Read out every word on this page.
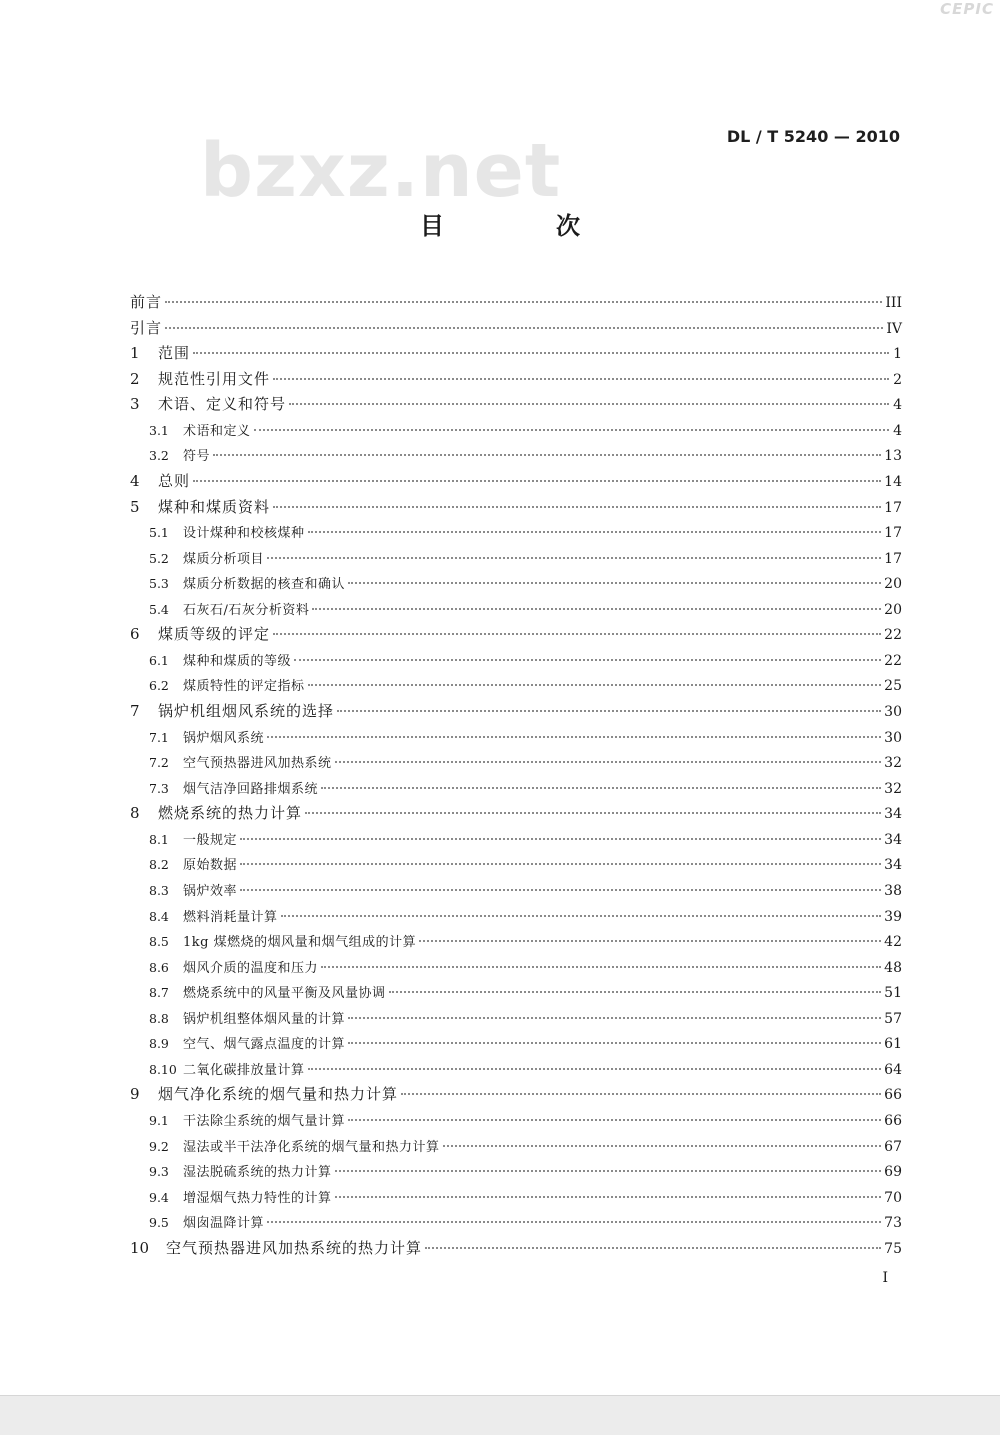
CEPIC
bzxz.net	DL / T 5240 — 2010
目　次
前言	III
引言	IV
1	范围	1
2	规范性引用文件	2
3	术语、定义和符号	4
3.1	术语和定义	4
3.2	符号	13
4	总则	14
5	煤种和煤质资料	17
5.1	设计煤种和校核煤种	17
5.2	煤质分析项目	17
5.3	煤质分析数据的核查和确认	20
5.4	石灰石/石灰分析资料	20
6	煤质等级的评定	22
6.1	煤种和煤质的等级	22
6.2	煤质特性的评定指标	25
7	锅炉机组烟风系统的选择	30
7.1	锅炉烟风系统	30
7.2	空气预热器进风加热系统	32
7.3	烟气洁净回路排烟系统	32
8	燃烧系统的热力计算	34
8.1	一般规定	34
8.2	原始数据	34
8.3	锅炉效率	38
8.4	燃料消耗量计算	39
8.5	1kg 煤燃烧的烟风量和烟气组成的计算	42
8.6	烟风介质的温度和压力	48
8.7	燃烧系统中的风量平衡及风量协调	51
8.8	锅炉机组整体烟风量的计算	57
8.9	空气、烟气露点温度的计算	61
8.10 二氧化碳排放量计算	64
9	烟气净化系统的烟气量和热力计算	66
9.1	干法除尘系统的烟气量计算	66
9.2	湿法或半干法净化系统的烟气量和热力计算	67
9.3	湿法脱硫系统的热力计算	69
9.4	增湿烟气热力特性的计算	70
9.5	烟囱温降计算	73
10	空气预热器进风加热系统的热力计算	75
I
